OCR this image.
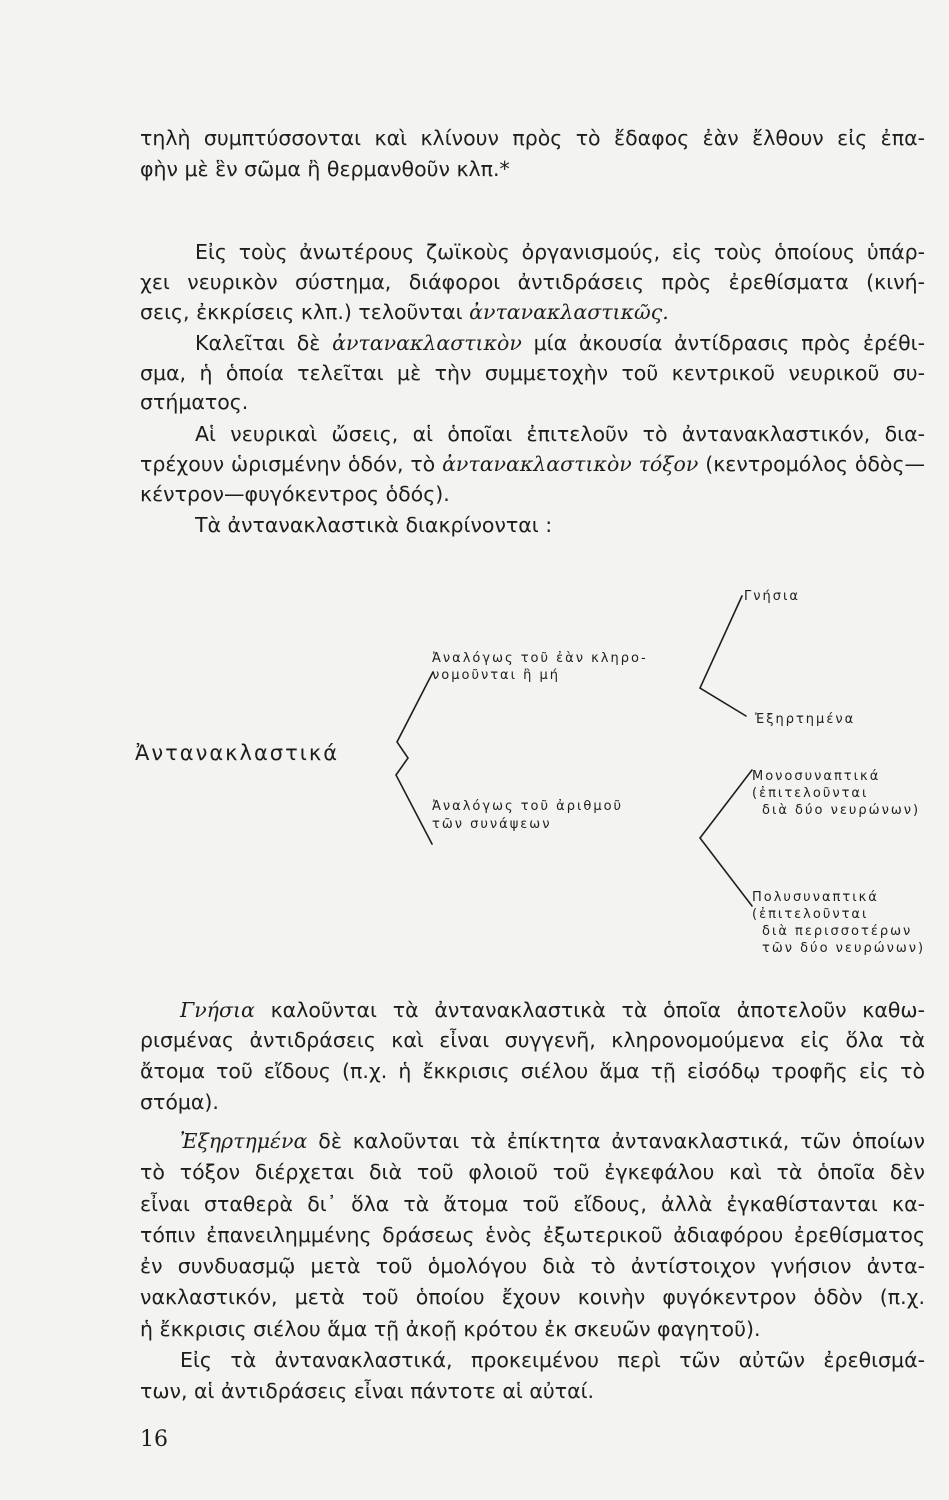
τηλὴ συμπτύσσονται καὶ κλίνουν πρὸς τὸ ἔδαφος ἐὰν ἔλθουν εἰς ἐπα-
φὴν μὲ ἓν σῶμα ἢ θερμανθοῦν κλπ.*
Εἰς τοὺς ἀνωτέρους ζωϊκοὺς ὀργανισμούς, εἰς τοὺς ὁποίους ὑπάρ-
χει νευρικὸν σύστημα, διάφοροι ἀντιδράσεις πρὸς ἐρεθίσματα (κινή-
σεις, ἐκκρίσεις κλπ.) τελοῦνται ἀντανακλαστικῶς.
Καλεῖται δὲ ἀντανακλαστικὸν μία ἀκουσία ἀντίδρασις πρὸς ἐρέθι-
σμα, ἡ ὁποία τελεῖται μὲ τὴν συμμετοχὴν τοῦ κεντρικοῦ νευρικοῦ συ-
στήματος.
Αἱ νευρικαὶ ὤσεις, αἱ ὁποῖαι ἐπιτελοῦν τὸ ἀντανακλαστικόν, δια-
τρέχουν ὡρισμένην ὁδόν, τὸ ἀντανακλαστικὸν τόξον (κεντρομόλος ὁδὸς—
κέντρον—φυγόκεντρος ὁδός).
Τὰ ἀντανακλαστικὰ διακρίνονται :
Ἀντανακλαστικά
Ἀναλόγως τοῦ ἐὰν κληρο-
νομοῦνται ἢ μή
Γνήσια
Ἐξηρτημένα
Ἀναλόγως τοῦ ἀριθμοῦ
τῶν συνάψεων
Μονοσυναπτικά
(ἐπιτελοῦνται
διὰ δύο νευρώνων)
Πολυσυναπτικά
(ἐπιτελοῦνται
διὰ περισσοτέρων
τῶν δύο νευρώνων)
Γνήσια καλοῦνται τὰ ἀντανακλαστικὰ τὰ ὁποῖα ἀποτελοῦν καθω-
ρισμένας ἀντιδράσεις καὶ εἶναι συγγενῆ, κληρονομούμενα εἰς ὅλα τὰ
ἄτομα τοῦ εἴδους (π.χ. ἡ ἔκκρισις σιέλου ἅμα τῇ εἰσόδῳ τροφῆς εἰς τὸ
στόμα).
Ἐξηρτημένα δὲ καλοῦνται τὰ ἐπίκτητα ἀντανακλαστικά, τῶν ὁποίων
τὸ τόξον διέρχεται διὰ τοῦ φλοιοῦ τοῦ ἐγκεφάλου καὶ τὰ ὁποῖα δὲν
εἶναι σταθερὰ δι᾽ ὅλα τὰ ἄτομα τοῦ εἴδους, ἀλλὰ ἐγκαθίστανται κα-
τόπιν ἐπανειλημμένης δράσεως ἑνὸς ἐξωτερικοῦ ἀδιαφόρου ἐρεθίσματος
ἐν συνδυασμῷ μετὰ τοῦ ὁμολόγου διὰ τὸ ἀντίστοιχον γνήσιον ἀντα-
νακλαστικόν, μετὰ τοῦ ὁποίου ἔχουν κοινὴν φυγόκεντρον ὁδὸν (π.χ.
ἡ ἔκκρισις σιέλου ἅμα τῇ ἀκοῇ κρότου ἐκ σκευῶν φαγητοῦ).
Εἰς τὰ ἀντανακλαστικά, προκειμένου περὶ τῶν αὐτῶν ἐρεθισμά-
των, αἱ ἀντιδράσεις εἶναι πάντοτε αἱ αὐταί.
16
